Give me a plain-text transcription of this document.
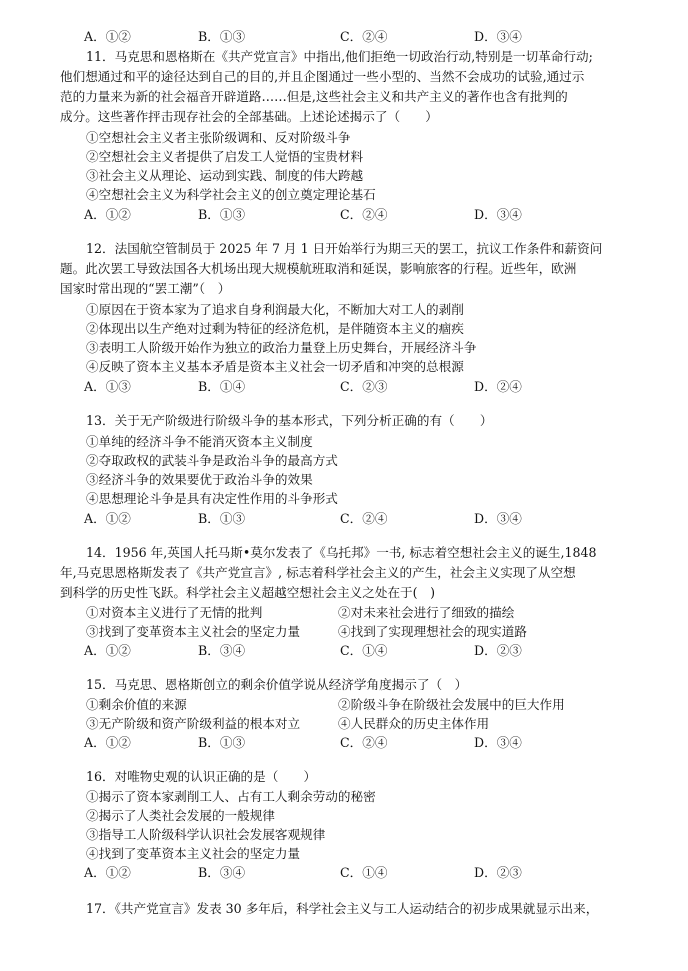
A．①②	B．①③	C．②④	D．③④
11．马克思和恩格斯在《共产党宣言》中指出,他们拒绝一切政治行动,特别是一切革命行动;
他们想通过和平的途径达到自己的目的,并且企图通过一些小型的、当然不会成功的试验,通过示
范的力量来为新的社会福音开辟道路……但是,这些社会主义和共产主义的著作也含有批判的
成分。这些著作抨击现存社会的全部基础。上述论述揭示了（　　）
①空想社会主义者主张阶级调和、反对阶级斗争
②空想社会主义者提供了启发工人觉悟的宝贵材料
③社会主义从理论、运动到实践、制度的伟大跨越
④空想社会主义为科学社会主义的创立奠定理论基石
A．①②	B．①③	C．②④	D．③④
12．法国航空管制员于 2025 年 7 月 1 日开始举行为期三天的罢工，抗议工作条件和薪资问
题。此次罢工导致法国各大机场出现大规模航班取消和延误，影响旅客的行程。近些年，欧洲
国家时常出现的“罢工潮”（　）
①原因在于资本家为了追求自身利润最大化，不断加大对工人的剥削
②体现出以生产绝对过剩为特征的经济危机，是伴随资本主义的痼疾
③表明工人阶级开始作为独立的政治力量登上历史舞台，开展经济斗争
④反映了资本主义基本矛盾是资本主义社会一切矛盾和冲突的总根源
A．①③	B．①④	C．②③	D．②④
13．关于无产阶级进行阶级斗争的基本形式，下列分析正确的有（　　）
①单纯的经济斗争不能消灭资本主义制度
②夺取政权的武装斗争是政治斗争的最高方式
③经济斗争的效果要优于政治斗争的效果
④思想理论斗争是具有决定性作用的斗争形式
A．①②	B．①③	C．②④	D．③④
14．1956 年,英国人托马斯•莫尔发表了《乌托邦》一书, 标志着空想社会主义的诞生,1848
年,马克思恩格斯发表了《共产党宣言》, 标志着科学社会主义的产生，社会主义实现了从空想
到科学的历史性飞跃。科学社会主义超越空想社会主义之处在于(　)
①对资本主义进行了无情的批判	②对未来社会进行了细致的描绘
③找到了变革资本主义社会的坚定力量	④找到了实现理想社会的现实道路
A．①②	B．③④	C．①④	D．②③
15．马克思、恩格斯创立的剩余价值学说从经济学角度揭示了（　）
①剩余价值的来源	②阶级斗争在阶级社会发展中的巨大作用
③无产阶级和资产阶级利益的根本对立	④人民群众的历史主体作用
A．①②	B．①③	C．②④	D．③④
16．对唯物史观的认识正确的是（　　）
①揭示了资本家剥削工人、占有工人剩余劳动的秘密
②揭示了人类社会发展的一般规律
③指导工人阶级科学认识社会发展客观规律
④找到了变革资本主义社会的坚定力量
A．①②	B．③④	C．①④	D．②③
17．《共产党宣言》发表 30 多年后，科学社会主义与工人运动结合的初步成果就显示出来，
